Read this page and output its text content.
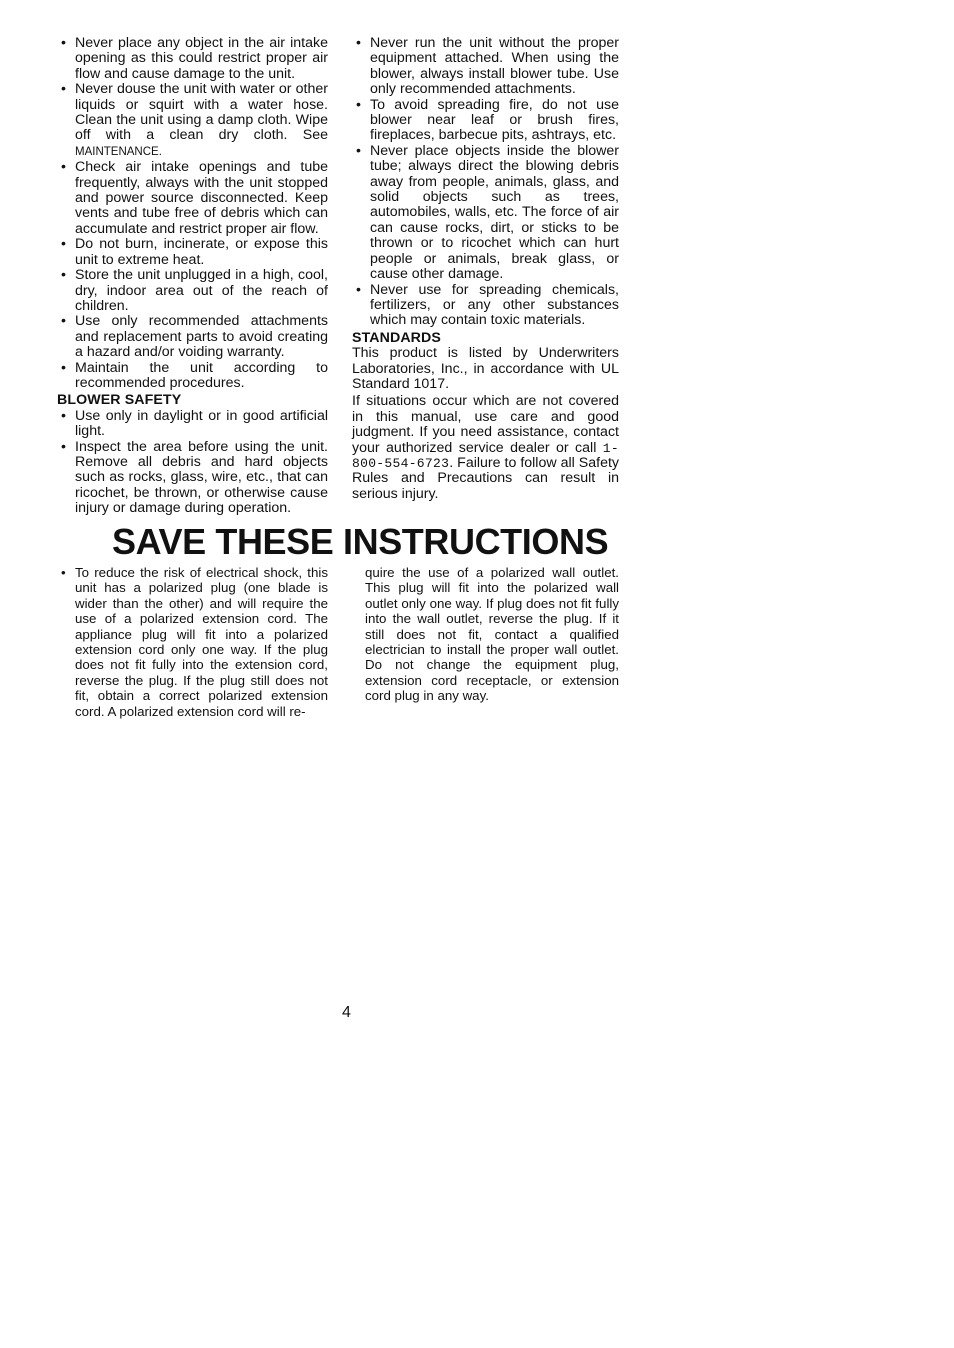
• Never place any object in the air intake opening as this could restrict proper air flow and cause damage to the unit.
• Never douse the unit with water or other liquids or squirt with a water hose. Clean the unit using a damp cloth. Wipe off with a clean dry cloth. See MAINTENANCE.
• Check air intake openings and tube frequently, always with the unit stopped and power source disconnected. Keep vents and tube free of debris which can accumulate and restrict proper air flow.
• Do not burn, incinerate, or expose this unit to extreme heat.
• Store the unit unplugged in a high, cool, dry, indoor area out of the reach of children.
• Use only recommended attachments and replacement parts to avoid creating a hazard and/or voiding warranty.
• Maintain the unit according to recommended procedures.
BLOWER SAFETY
• Use only in daylight or in good artificial light.
• Inspect the area before using the unit. Remove all debris and hard objects such as rocks, glass, wire, etc., that can ricochet, be thrown, or otherwise cause injury or damage during operation.
• Never run the unit without the proper equipment attached. When using the blower, always install blower tube. Use only recommended attachments.
• To avoid spreading fire, do not use blower near leaf or brush fires, fireplaces, barbecue pits, ashtrays, etc.
• Never place objects inside the blower tube; always direct the blowing debris away from people, animals, glass, and solid objects such as trees, automobiles, walls, etc. The force of air can cause rocks, dirt, or sticks to be thrown or to ricochet which can hurt people or animals, break glass, or cause other damage.
• Never use for spreading chemicals, fertilizers, or any other substances which may contain toxic materials.
STANDARDS

This product is listed by Underwriters Laboratories, Inc., in accordance with UL Standard 1017.

If situations occur which are not covered in this manual, use care and good judgment. If you need assistance, contact your authorized service dealer or call 1-800-554-6723. Failure to follow all Safety Rules and Precautions can result in serious injury.

SAVE THESE INSTRUCTIONS
• To reduce the risk of electrical shock, this unit has a polarized plug (one blade is wider than the other) and will require the use of a polarized extension cord. The appliance plug will fit into a polarized extension cord only one way. If the plug does not fit fully into the extension cord, reverse the plug. If the plug still does not fit, obtain a correct polarized extension cord. A polarized extension cord will re-

quire the use of a polarized wall outlet. This plug will fit into the polarized wall outlet only one way. If plug does not fit fully into the wall outlet, reverse the plug. If it still does not fit, contact a qualified electrician to install the proper wall outlet. Do not change the equipment plug, extension cord receptacle, or extension cord plug in any way.

4
